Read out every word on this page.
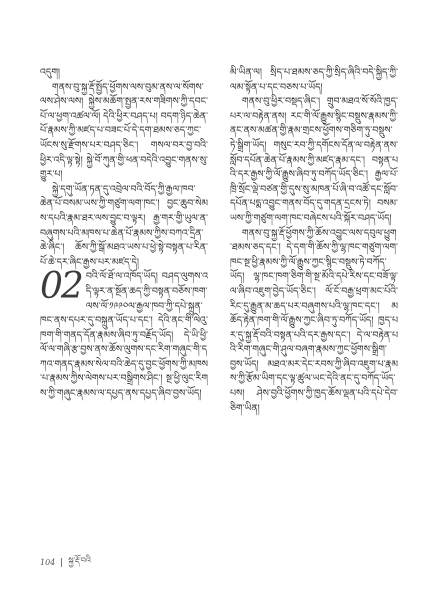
འདུག།

གནས་བུ་སྐྱ་རྡོ་སྤྱོད་ཕྱོགས་ལས་བུམ་ནས་ལ་སོགས་ལས་ཤེས་ལས། སྐྱེས་མཆོག་སྤྱན་རས་གཟིགས་ཀྱི་དབང་པོ་ལ་ཕྱག་འཚལ་ལོ། དེའི་ཕྱིར་བཤད་པ། བདག་ཉིད་ཆེན་པོ་རྣམས་ཀྱི་མཛད་པ་བཟང་པོ་དེ་དག་ཐམས་ཅད་ཀྱང་ཡོངས་སུ་རྫོགས་པར་བཤད་ཅིང་། གསལ་བར་བྱ་བའི་ཕྱིར་འདི་ལྟ་སྟེ། སྐྱེ་བོ་ཀུན་གྱི་ཕན་བདེའི་འབྱུང་གནས་སུ་གྱུར་པ།

སྐྱེ་དགུ་ཡོན་ཏན་དུ་འབྲེལ་བའི་བོད་ཀྱི་རྒྱལ་ཁབ་ཆེན་པོ་བསམ་ཡས་ཀྱི་གཙུག་ལག་ཁང་། བྱང་ཆུབ་སེམས་དཔའི་རྣམ་ཐར་ལས་བྱུང་བ་ལྟར། རྒྱ་གར་གྱི་ཡུལ་ན་བཞུགས་པའི་མཁས་པ་ཆེན་པོ་རྣམས་ཀྱིས་བཀའ་དྲིན་ཆེ་ཞིང་། ཆོས་ཀྱི་སྒོ་མཐའ་ཡས་པ་ཕྱེ་སྟེ་བསྟན་པ་རིན་པོ་ཆེ་དར་ཞིང་རྒྱས་པར་མཛད་དེ།

02 བའི་ལོ་ཐོ་ལ་འཁོད་ཡོད། བཤད་ལུགས་འདི་ལྟར་ན་སྔོན་ཆད་ཀྱི་བསྟན་བཅོས་ཁག་ལས་ལོ་༡༩༩༠ལ་རྒྱལ་ཁབ་ཀྱི་དཔེ་སྐྲུན་ཁང་ནས་དཔར་དུ་བསྐྲུན་ཡོད་པ་དང་། དེའི་ནང་གི་ལེའུ་ཁག་གི་གནད་དོན་རྣམས་ཞིབ་ཏུ་བརྗོད་ཡོད། དེ་ཡི་ཕྱི་ལོ་ལ་གཞི་རྩ་བྱས་ནས་ཆོས་ལུགས་དང་རིག་གཞུང་གི་དཀའ་གནད་རྣམས་སེལ་བའི་ཆེད་དུ་བྱང་ཕྱོགས་ཀྱི་མཁས་པ་རྣམས་ཀྱིས་ལེགས་པར་བསྒྲིགས་ཤིང་། སྔ་ཕྱི་ལུང་རིགས་ཀྱི་གཞུང་རྣམས་ལ་དཔྱད་ནས་དཔྱད་ཞིབ་བྱས་ཡོད།

མི་ཡིན་ལ། སྲིད་པ་ཐམས་ཅད་ཀྱི་སྲིད་ཞིའི་བདེ་སྐྱིད་ཀྱི་ལམ་སྟོན་པ་དང་བཅས་པ་ཡོད།

གནས་བུ་ཕྱིར་བསྡད་ཞིང་། གྲུབ་མཐའ་སོ་སོའི་ཁྱད་པར་ལ་བརྟེན་ནས། རང་གི་ལོ་རྒྱུས་སྙིང་བསྡུས་རྣམས་ཀྱི་ནང་ནས་མཚན་གྱི་རྣམ་གྲངས་ཕྱོགས་གཅིག་ཏུ་བསྡུས་ཏེ་སྒྲིག་ཡོད། གསུང་རབ་ཀྱི་དགོངས་དོན་ལ་བརྟེན་ནས་སློབ་དཔོན་ཆེན་པོ་རྣམས་ཀྱི་མཛད་རྣམ་དང་། བསྟན་པའི་དར་རྒྱས་ཀྱི་ལོ་རྒྱུས་ཞིབ་ཏུ་བཀོད་ཡོད་ཅིང་། རྒྱལ་པོ་ཁྲི་སྲོང་ལྡེ་བཙན་གྱི་དུས་སུ་མཁན་པོ་ཞི་བ་འཚོ་དང་སློབ་དཔོན་པདྨ་འབྱུང་གནས་བོད་དུ་གདན་དྲངས་ཏེ། བསམ་ཡས་ཀྱི་གཙུག་ལག་ཁང་བཞེངས་པའི་སྐོར་བཤད་ཡོད།

གནས་བུ་སྐྱ་རྡོ་ཕྱོགས་ཀྱི་ཆོས་འབྱུང་ལས་དབུལ་ཕྱུག་ཐམས་ཅད་དང་། དེ་དག་གི་ཆོས་ཀྱི་ལྷ་ཁང་གཙུག་ལག་ཁང་སྔ་ཕྱི་རྣམས་ཀྱི་ལོ་རྒྱུས་ཀྱང་སྙིང་བསྡུས་ཏེ་བཀོད་ཡོད། ལྷ་ཁང་ཁག་ཅིག་གི་སྔ་མོའི་དཔེ་རིས་དང་བཟོ་ལྟ་ལ་ཞིབ་འཇུག་བྱེད་ཡོད་ཅིང་། ལོ་ངོ་བརྒྱ་ཕྲག་མང་པོའི་རིང་དུ་རྒྱུན་མ་ཆད་པར་བཞུགས་པའི་ལྷ་ཁང་དང་། མཆོད་རྟེན་ཁག་གི་ལོ་རྒྱུས་ཀྱང་ཞིབ་ཏུ་བཀོད་ཡོད། ཁྱད་པར་དུ་སྐྱ་རྡོ་བའི་བསྟན་པའི་དར་རྒྱས་དང་། དེ་ལ་བརྟེན་པའི་རིག་གཞུང་གི་ཤུལ་བཞག་རྣམས་ཀྱང་ཕྱོགས་སྒྲིག་བྱས་ཡོད། མཐའ་མར་དེང་རབས་ཀྱི་ཞིབ་འཇུག་པ་རྣམས་ཀྱི་རྩོམ་ཡིག་དང་ལྟ་ཚུལ་ཡང་དེའི་ནང་དུ་བཀོད་ཡོད་པས། ཤེས་བྱའི་ཕྱོགས་ཀྱི་ཁྱད་ཆོས་ལྡན་པའི་དཔེ་དེབ་ཅིག་ཡིན།

104 སྐྱ་རྡོ་བའི
